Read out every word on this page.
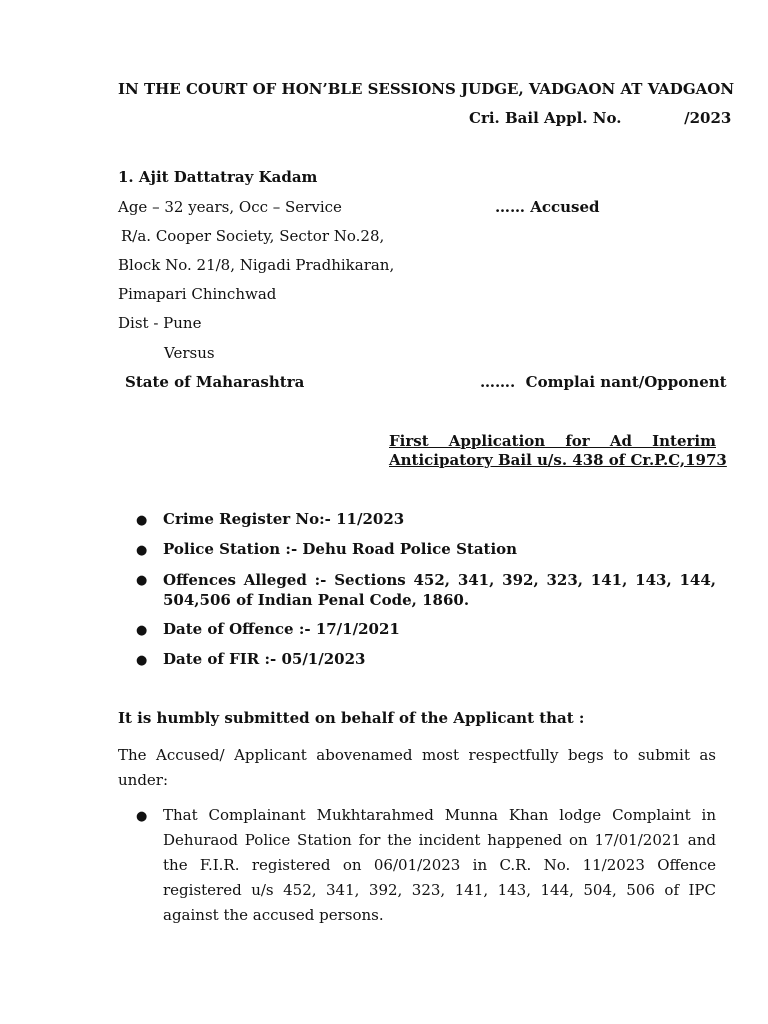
IN THE COURT OF HON’BLE SESSIONS JUDGE, VADGAON AT VADGAON
Cri. Bail Appl. No.            /2023
1. Ajit Dattatray Kadam
Age – 32 years, Occ – Service	…… Accused
R/a. Cooper Society, Sector No.28,
Block No. 21/8, Nigadi Pradhikaran,
Pimapari Chinchwad
Dist - Pune
Versus
State of Maharashtra	…….  Complai nant/Opponent
First Application for Ad Interim
Anticipatory Bail u/s. 438 of Cr.P.C,1973
● Crime Register No:- 11/2023
● Police Station :- Dehu Road Police Station
● Offences Alleged :- Sections 452, 341, 392, 323, 141, 143, 144, 504,506 of Indian Penal Code, 1860.
● Date of Offence :- 17/1/2021
● Date of FIR :- 05/1/2023
It is humbly submitted on behalf of the Applicant that :
The Accused/ Applicant abovenamed most respectfully begs to submit as under:
● That Complainant Mukhtarahmed Munna Khan lodge Complaint in Dehuraod Police Station for the incident happened on 17/01/2021 and the F.I.R. registered on 06/01/2023 in C.R. No. 11/2023 Offence registered u/s 452, 341, 392, 323, 141, 143, 144, 504, 506 of IPC against the accused persons.
